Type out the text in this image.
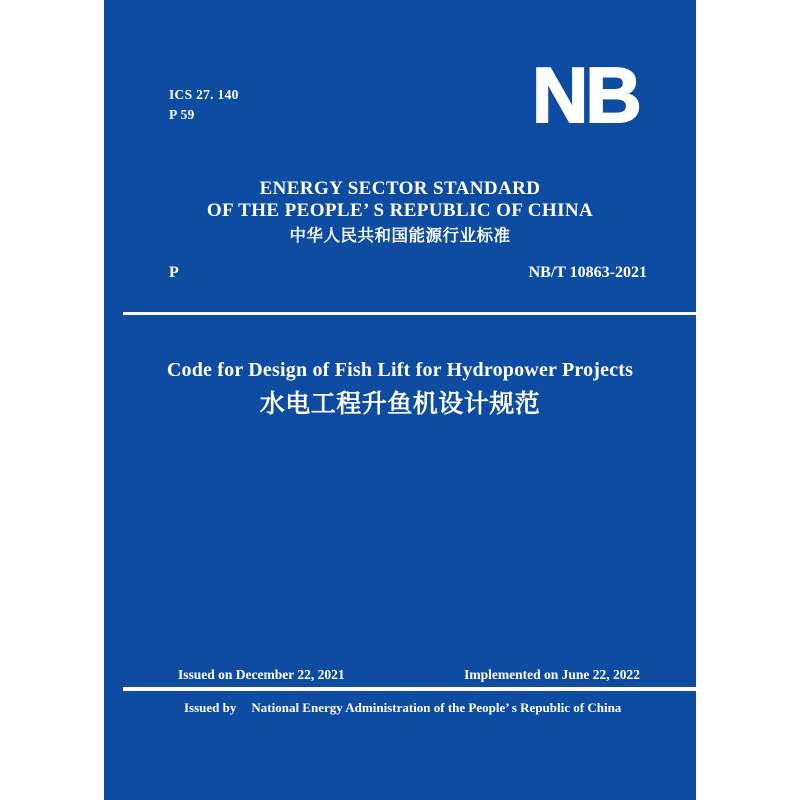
ICS 27. 140
P 59	NB
ENERGY SECTOR STANDARD
OF THE PEOPLE’ S REPUBLIC OF CHINA
中华人民共和国能源行业标准
P	NB/T 10863-2021
Code for Design of Fish Lift for Hydropower Projects
水电工程升鱼机设计规范
Issued on December 22, 2021	Implemented on June 22, 2022
Issued by National Energy Administration of the People’ s Republic of China
